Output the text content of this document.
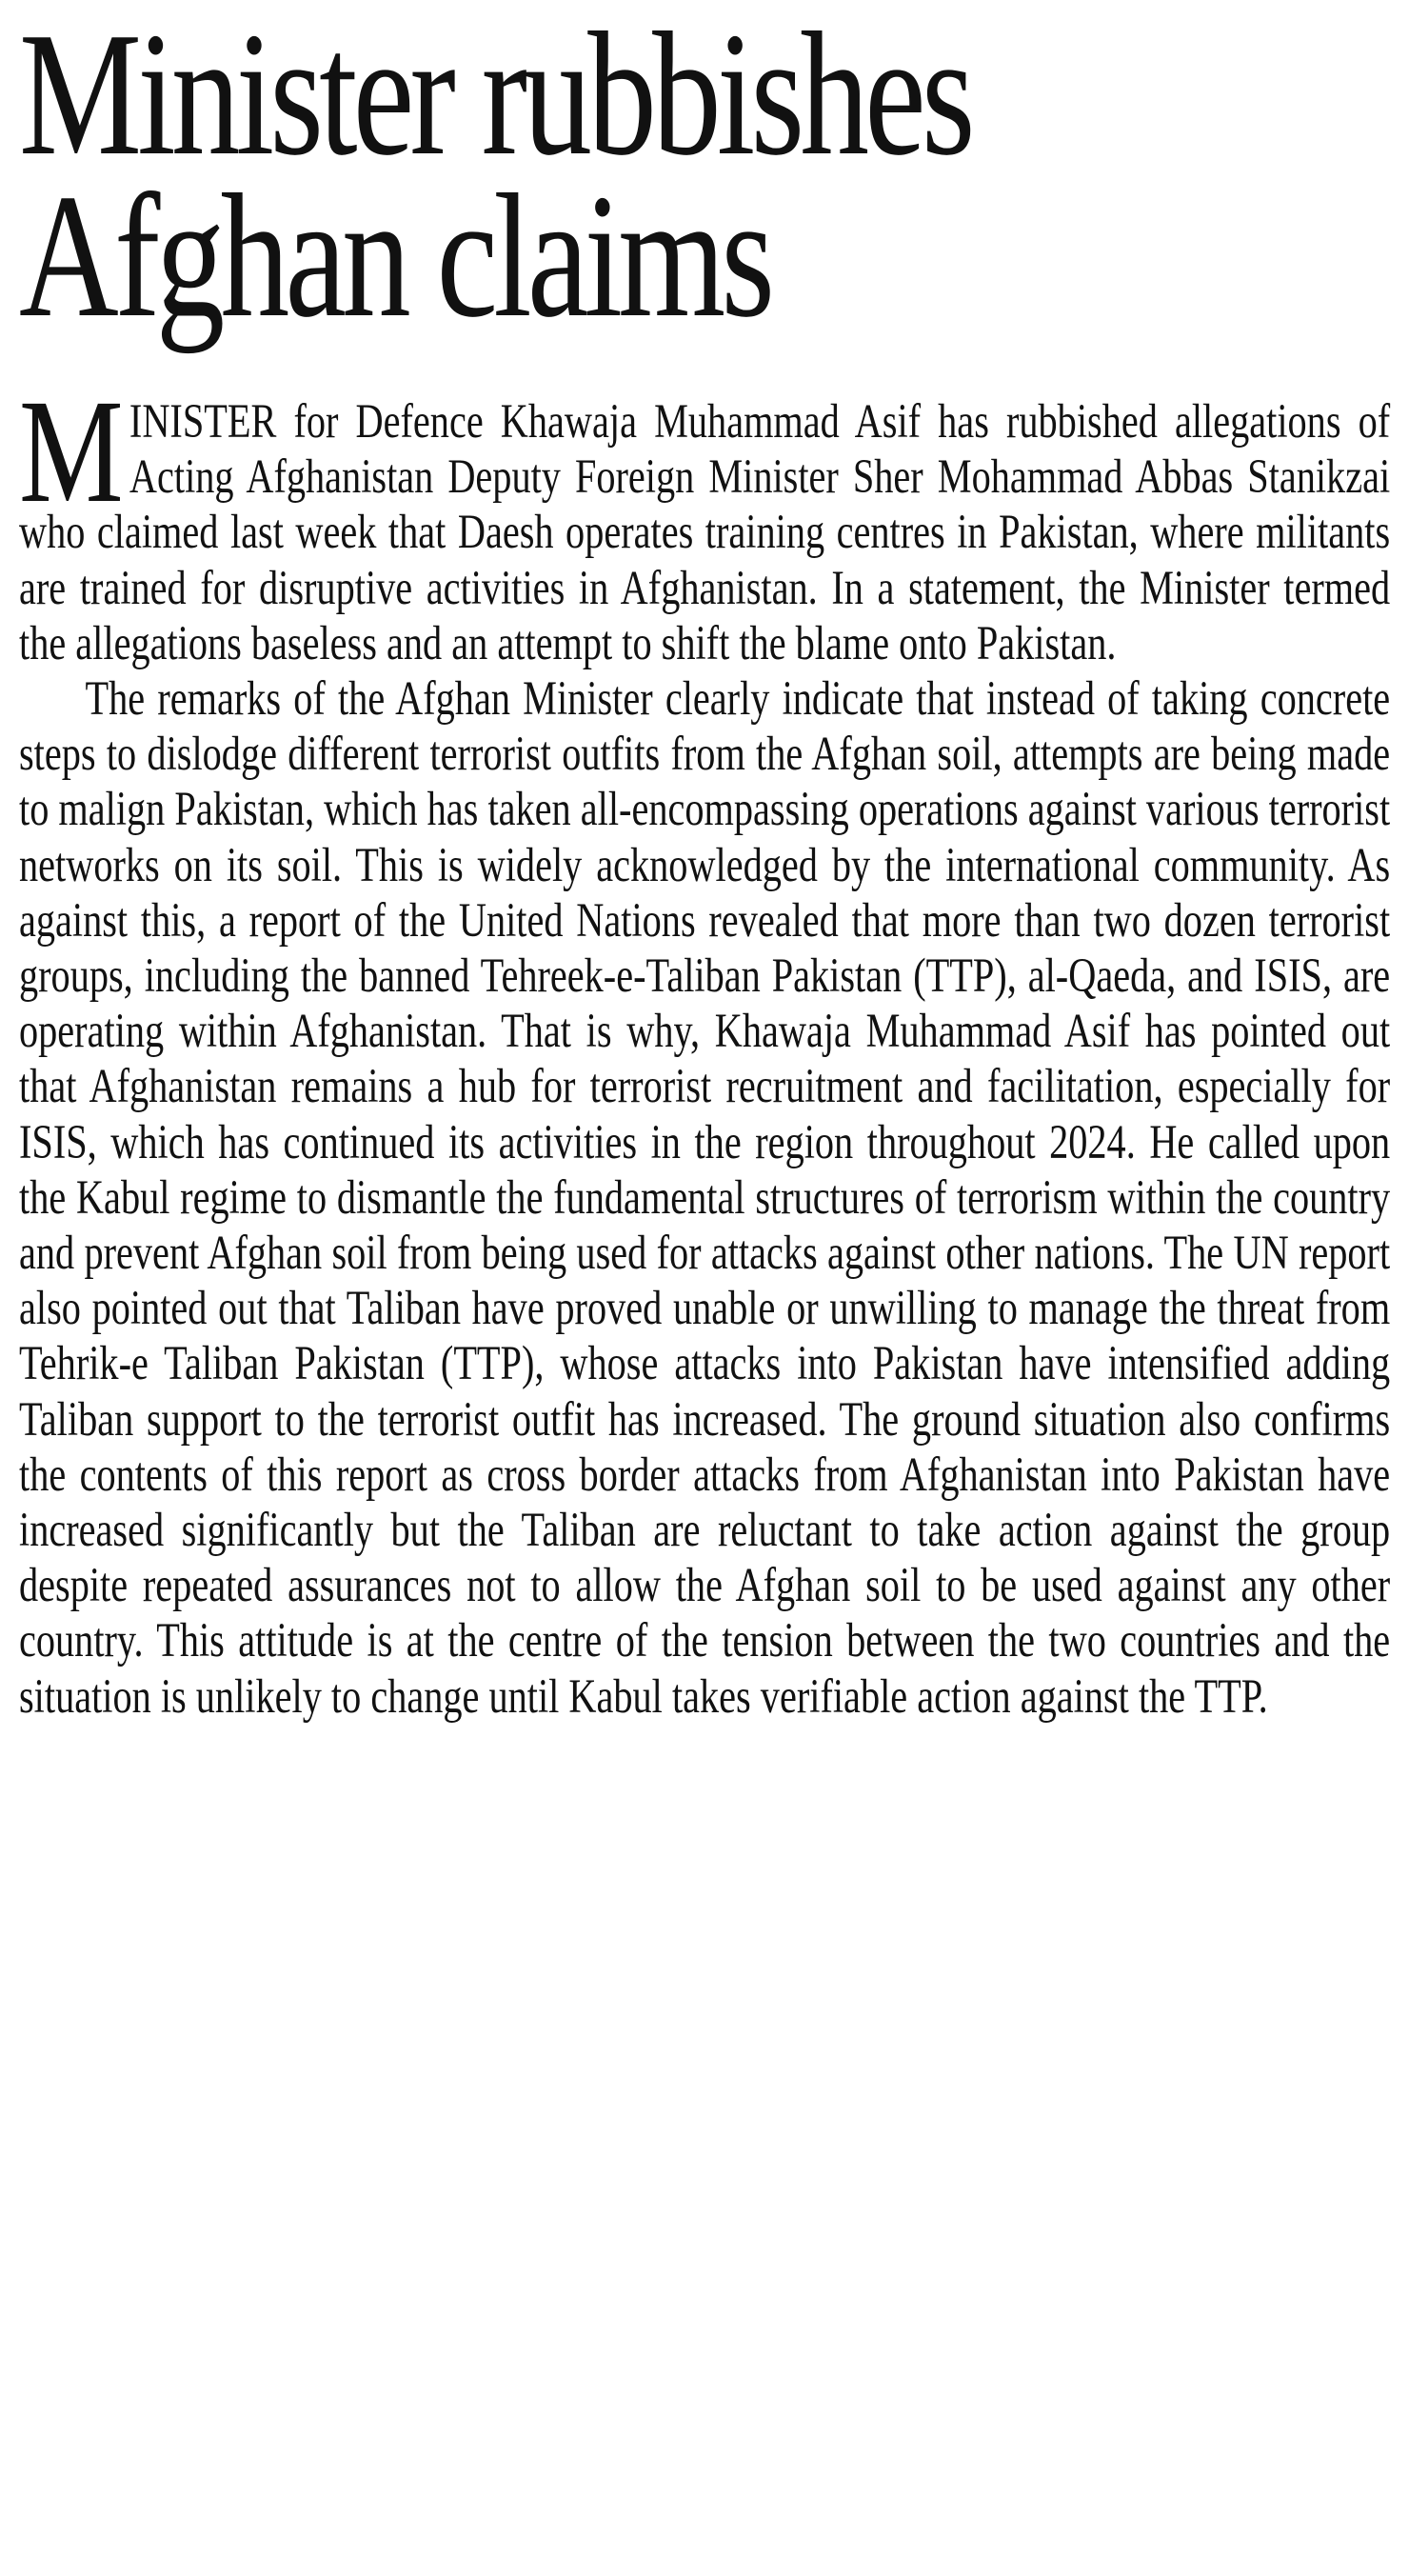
Minister rubbishes
Afghan claims

MINISTER for Defence Khawaja Muhammad Asif has rubbished allegations of Acting Afghanistan Deputy Foreign Minister Sher Mohammad Abbas Stanikzai who claimed last week that Daesh operates training centres in Pakistan, where militants are trained for disruptive activities in Afghanistan. In a statement, the Minister termed the allegations baseless and an attempt to shift the blame onto Pakistan.

The remarks of the Afghan Minister clearly indicate that instead of taking concrete steps to dislodge different terrorist outfits from the Afghan soil, attempts are being made to malign Pakistan, which has taken all-encompassing operations against various terrorist networks on its soil. This is widely acknowledged by the international community. As against this, a report of the United Nations revealed that more than two dozen terrorist groups, including the banned Tehreek-e-Taliban Pakistan (TTP), al-Qaeda, and ISIS, are operating within Afghanistan. That is why, Khawaja Muhammad Asif has pointed out that Afghanistan remains a hub for terrorist recruitment and facilitation, especially for ISIS, which has continued its activities in the region throughout 2024. He called upon the Kabul regime to dismantle the fundamental structures of terrorism within the country and prevent Afghan soil from being used for attacks against other nations. The UN report also pointed out that Taliban have proved unable or unwilling to manage the threat from Tehrik-e Taliban Pakistan (TTP), whose attacks into Pakistan have intensified adding Taliban support to the terrorist outfit has increased. The ground situation also confirms the contents of this report as cross border attacks from Afghanistan into Pakistan have increased significantly but the Taliban are reluctant to take action against the group despite repeated assurances not to allow the Afghan soil to be used against any other country. This attitude is at the centre of the tension between the two countries and the situation is unlikely to change until Kabul takes verifiable action against the TTP.
